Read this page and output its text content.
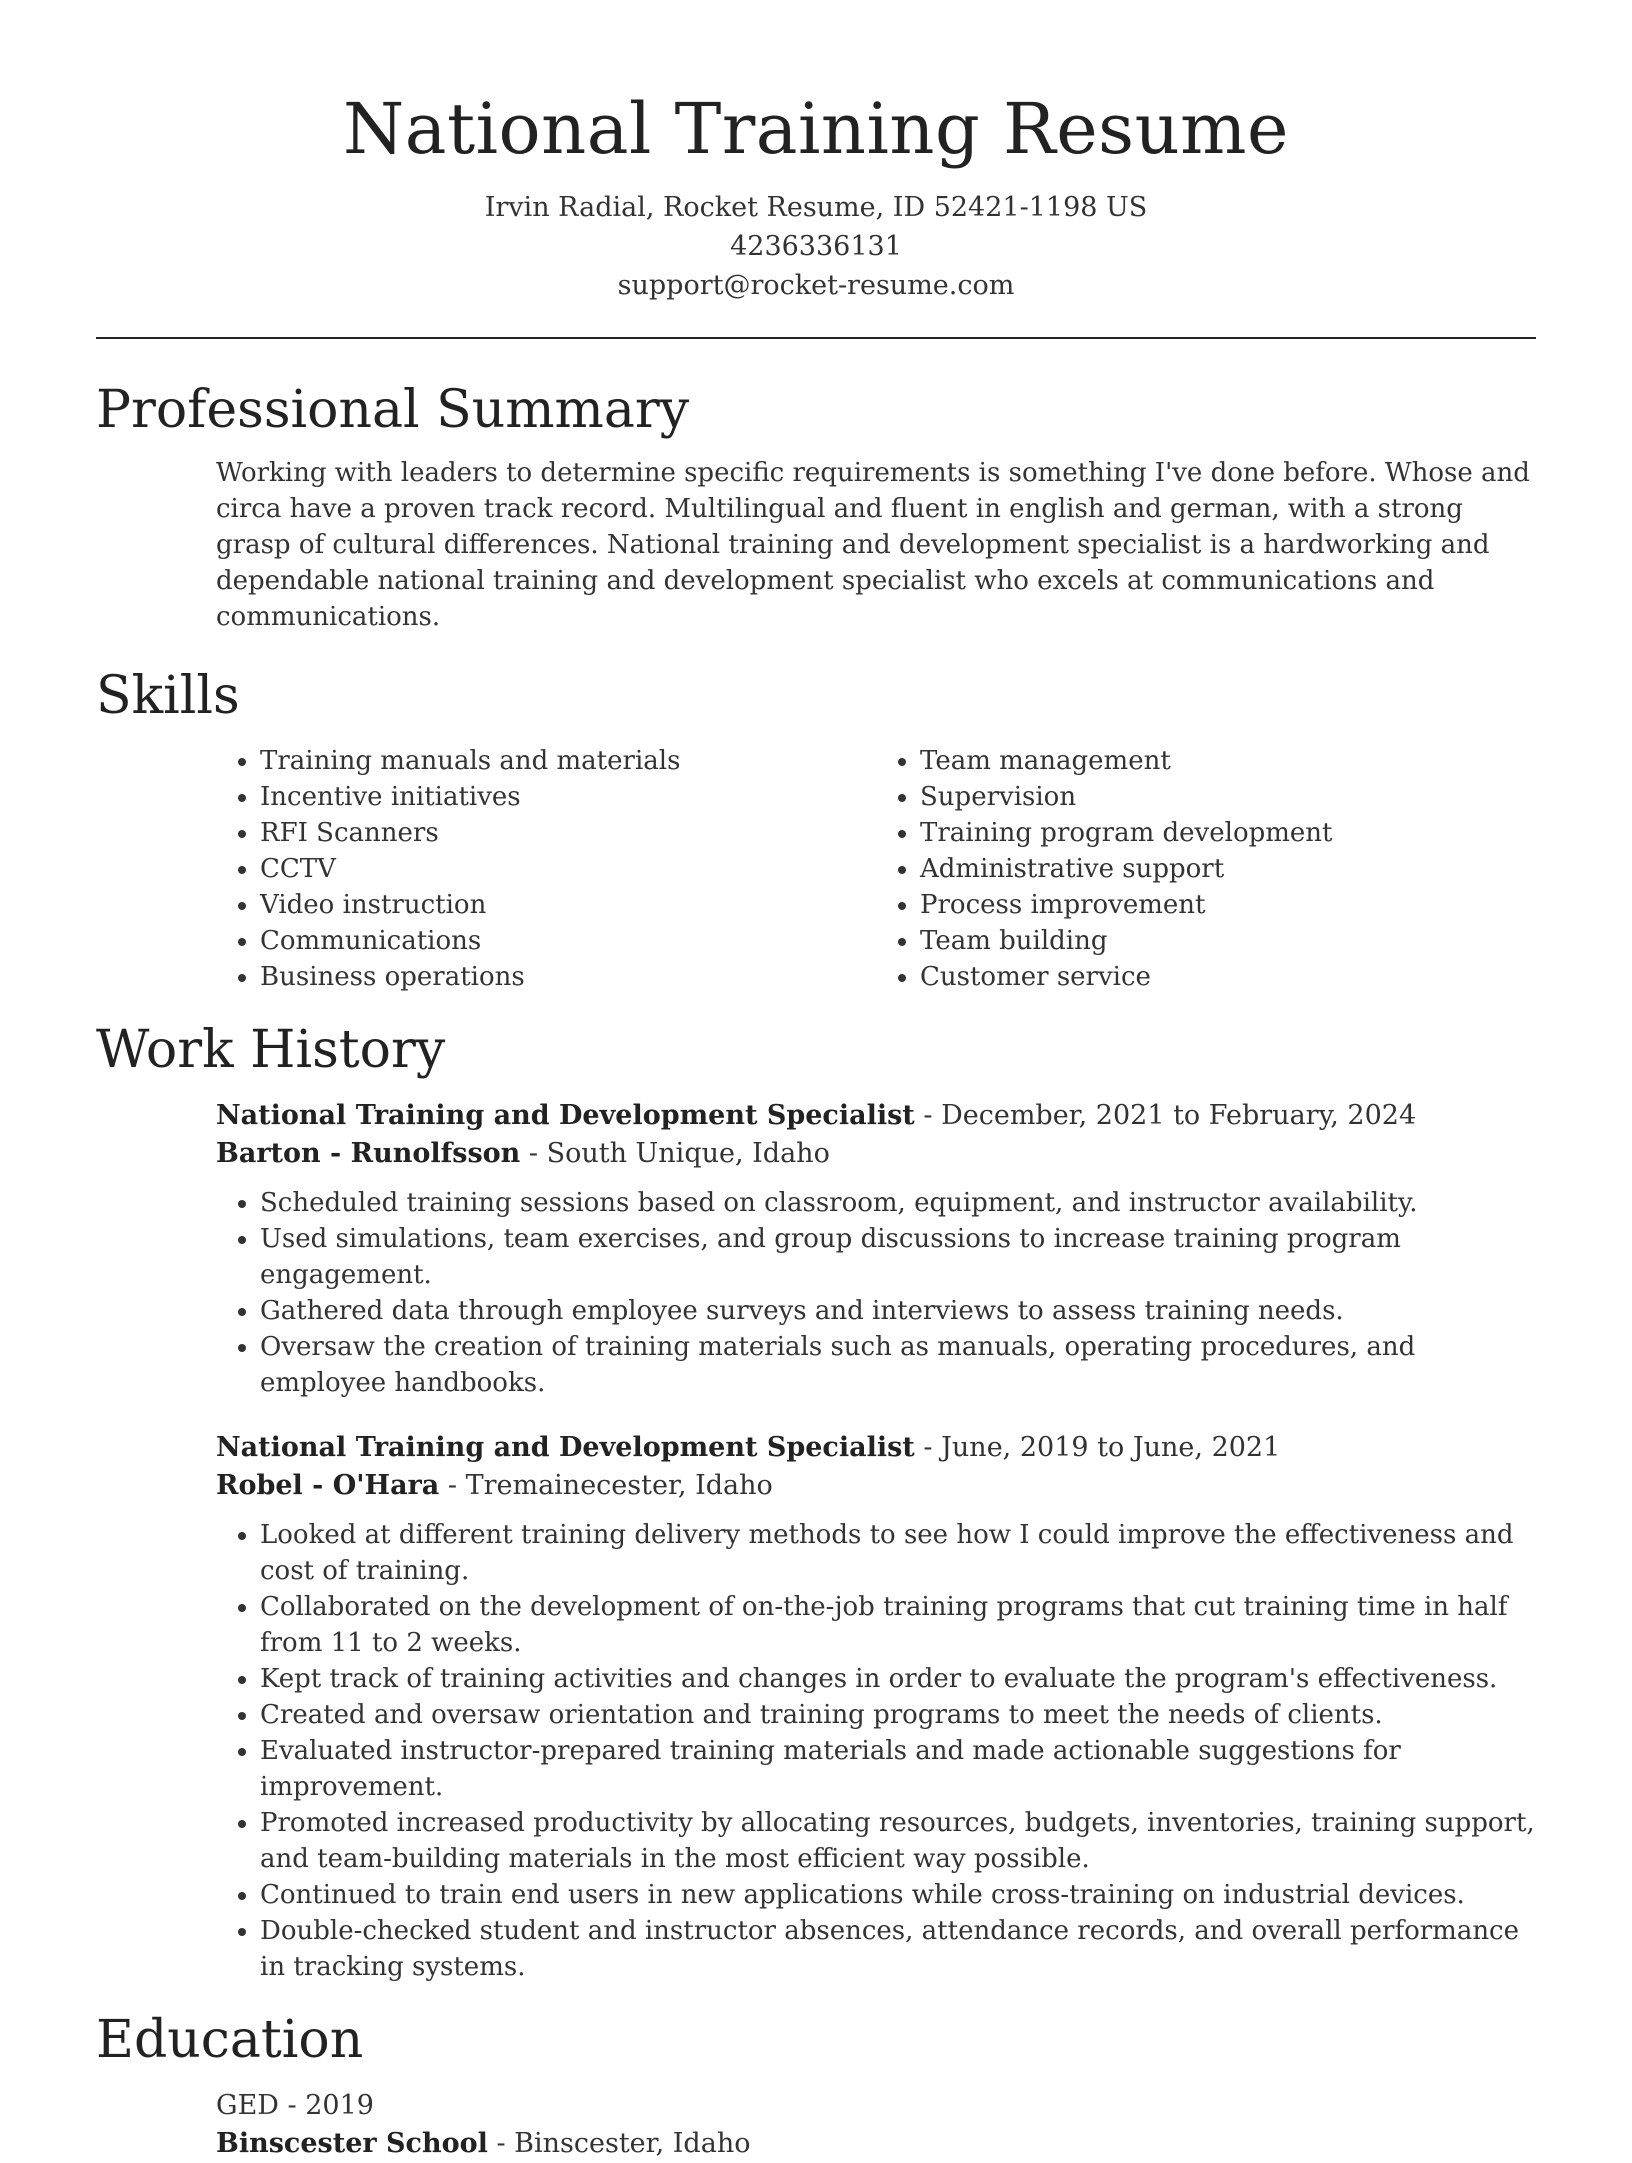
National Training Resume

Irvin Radial, Rocket Resume, ID 52421-1198 US

4236336131

support@rocket-resume.com

Professional Summary

Working with leaders to determine specific requirements is something I've done before. Whose and circa have a proven track record. Multilingual and fluent in english and german, with a strong grasp of cultural differences. National training and development specialist is a hardworking and dependable national training and development specialist who excels at communications and communications.

Skills
• Training manuals and materials
• Incentive initiatives
• RFI Scanners
• CCTV
• Video instruction
• Communications
• Business operations
• Team management
• Supervision
• Training program development
• Administrative support
• Process improvement
• Team building
• Customer service
Work History

National Training and Development Specialist - December, 2021 to February, 2024

Barton - Runolfsson - South Unique, Idaho

• Scheduled training sessions based on classroom, equipment, and instructor availability.
• Used simulations, team exercises, and group discussions to increase training program engagement.
• Gathered data through employee surveys and interviews to assess training needs.
• Oversaw the creation of training materials such as manuals, operating procedures, and employee handbooks.

National Training and Development Specialist - June, 2019 to June, 2021

Robel - O'Hara - Tremainecester, Idaho

• Looked at different training delivery methods to see how I could improve the effectiveness and cost of training.
• Collaborated on the development of on-the-job training programs that cut training time in half from 11 to 2 weeks.
• Kept track of training activities and changes in order to evaluate the program's effectiveness.
• Created and oversaw orientation and training programs to meet the needs of clients.
• Evaluated instructor-prepared training materials and made actionable suggestions for improvement.
• Promoted increased productivity by allocating resources, budgets, inventories, training support, and team-building materials in the most efficient way possible.
• Continued to train end users in new applications while cross-training on industrial devices.
• Double-checked student and instructor absences, attendance records, and overall performance in tracking systems.
Education

GED - 2019

Binscester School - Binscester, Idaho
